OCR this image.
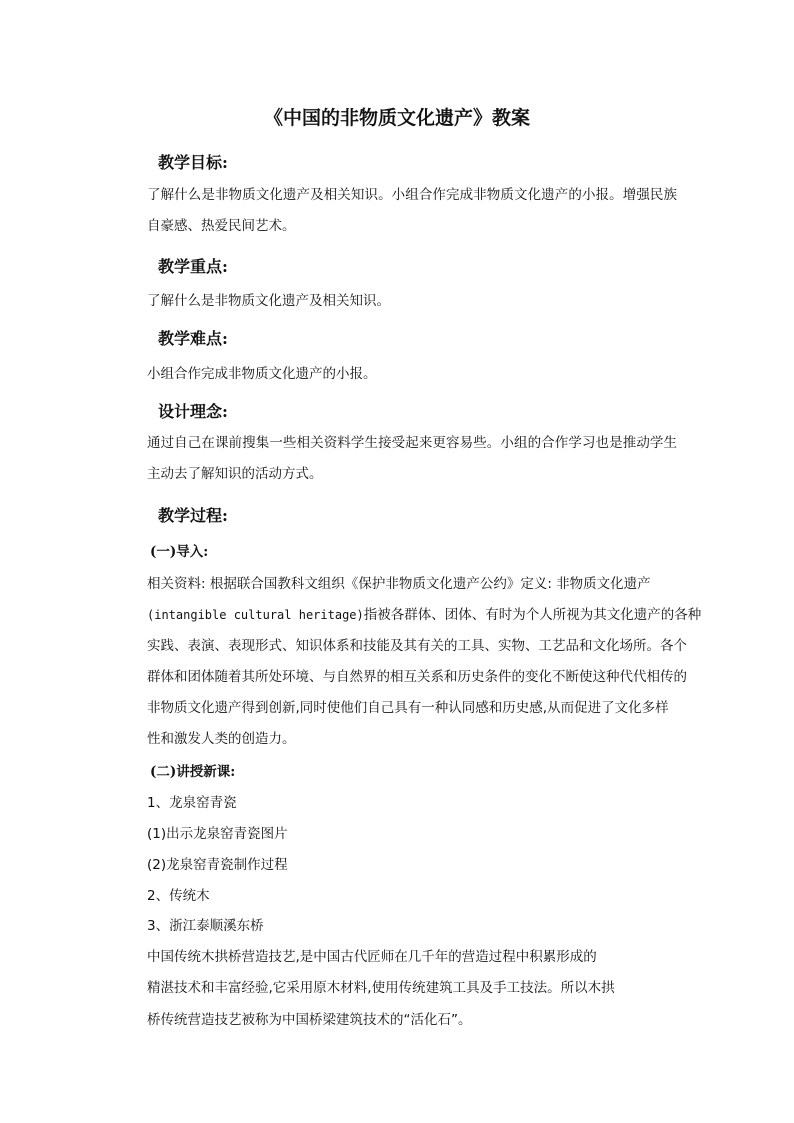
《中国的非物质文化遗产》教案
教学目标:
了解什么是非物质文化遗产及相关知识。小组合作完成非物质文化遗产的小报。增强民族自豪感、热爱民间艺术。
教学重点:
了解什么是非物质文化遗产及相关知识。
教学难点:
小组合作完成非物质文化遗产的小报。
设计理念:
通过自己在课前搜集一些相关资料学生接受起来更容易些。小组的合作学习也是推动学生主动去了解知识的活动方式。
教学过程:
(一)导入:
相关资料: 根据联合国教科文组织《保护非物质文化遗产公约》定义: 非物质文化遗产
(intangible cultural heritage)指被各群体、团体、有时为个人所视为其文化遗产的各种
实践、表演、表现形式、知识体系和技能及其有关的工具、实物、工艺品和文化场所。各个
群体和团体随着其所处环境、与自然界的相互关系和历史条件的变化不断使这种代代相传的
非物质文化遗产得到创新,同时使他们自己具有一种认同感和历史感,从而促进了文化多样
性和激发人类的创造力。
(二)讲授新课:
1、龙泉窑青瓷
(1)出示龙泉窑青瓷图片
(2)龙泉窑青瓷制作过程
2、传统木
3、浙江泰顺溪东桥
中国传统木拱桥营造技艺,是中国古代匠师在几千年的营造过程中积累形成的
精湛技术和丰富经验,它采用原木材料,使用传统建筑工具及手工技法。所以木拱
桥传统营造技艺被称为中国桥梁建筑技术的“活化石”。
